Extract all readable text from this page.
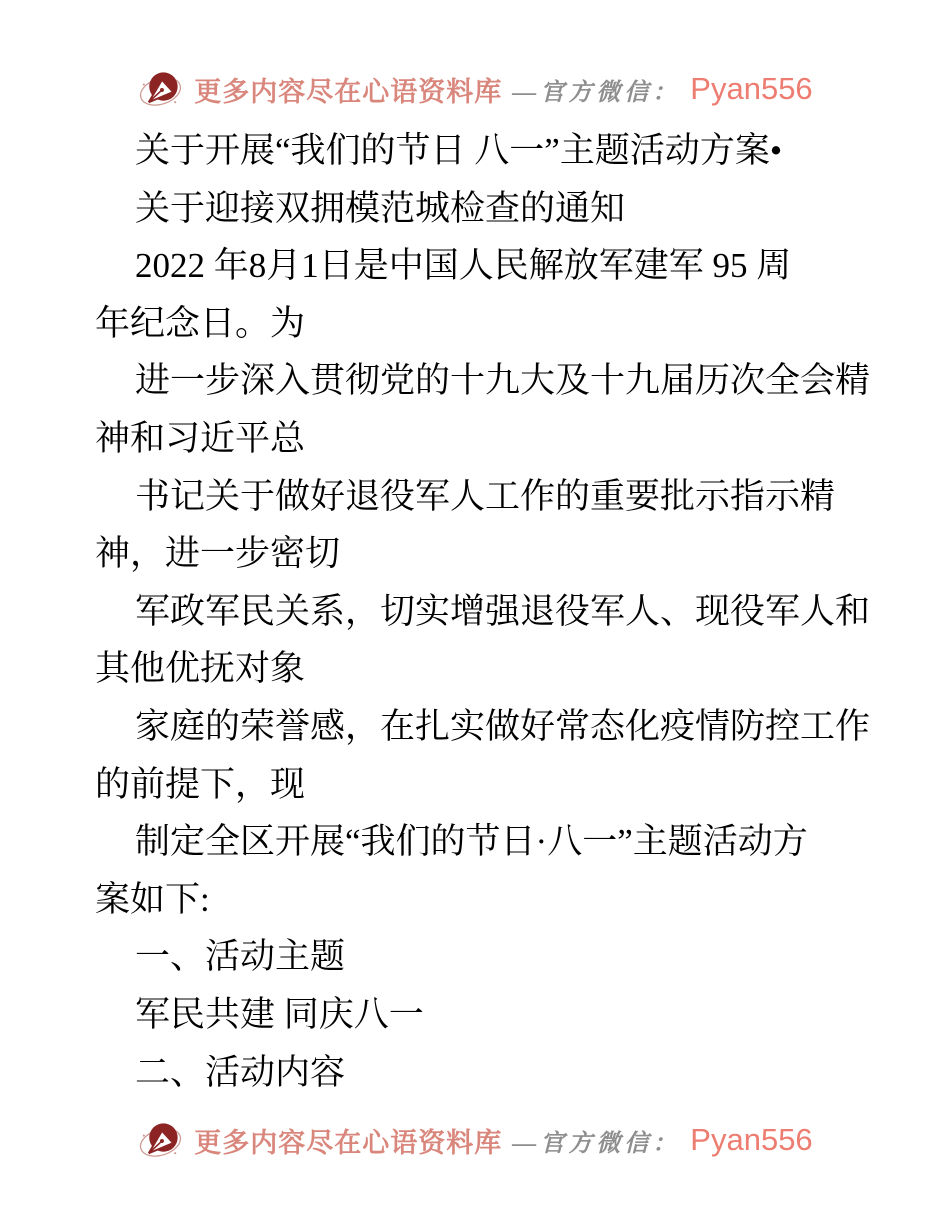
更多内容尽在心语资料库 —官方微信： Pyan556
关于开展“我们的节日 八一”主题活动方案•
关于迎接双拥模范城检查的通知
2022 年8月1日是中国人民解放军建军 95 周
年纪念日。为
进一步深入贯彻党的十九大及十九届历次全会精
神和习近平总
书记关于做好退役军人工作的重要批示指示精
神，进一步密切
军政军民关系，切实增强退役军人、现役军人和
其他优抚对象
家庭的荣誉感，在扎实做好常态化疫情防控工作
的前提下，现
制定全区开展“我们的节日·八一”主题活动方
案如下:
一、活动主题
军民共建 同庆八一
二、活动内容
更多内容尽在心语资料库 —官方微信： Pyan556
